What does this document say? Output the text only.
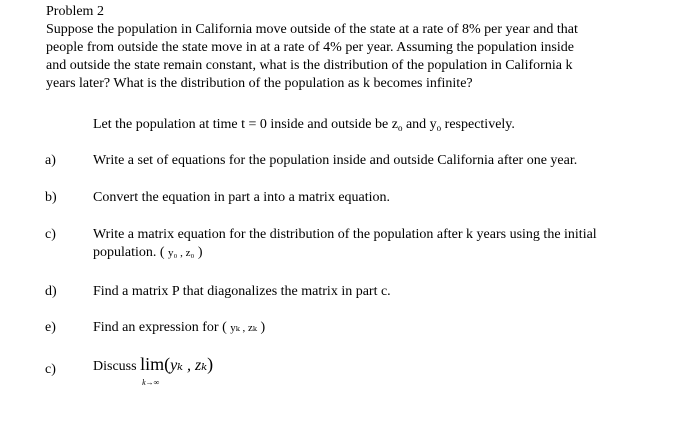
Problem 2
Suppose the population in California move outside of the state at a rate of 8% per year and that
people from outside the state move in at a rate of 4% per year. Assuming the population inside
and outside the state remain constant, what is the distribution of the population in California k
years later? What is the distribution of the population as k becomes infinite?
Let the population at time t = 0 inside and outside be $z_o$ and $y_o$ respectively.
a)	Write a set of equations for the population inside and outside California after one year.
b)	Convert the equation in part a into a matrix equation.
c)	Write a matrix equation for the distribution of the population after k years using the initial
population. ( y₀ , z₀ )
d)	Find a matrix P that diagonalizes the matrix in part c.
e)	Find an expression for ( yₖ , zₖ )
c)	Discuss lim
k→∞
(yₖ , zₖ)
